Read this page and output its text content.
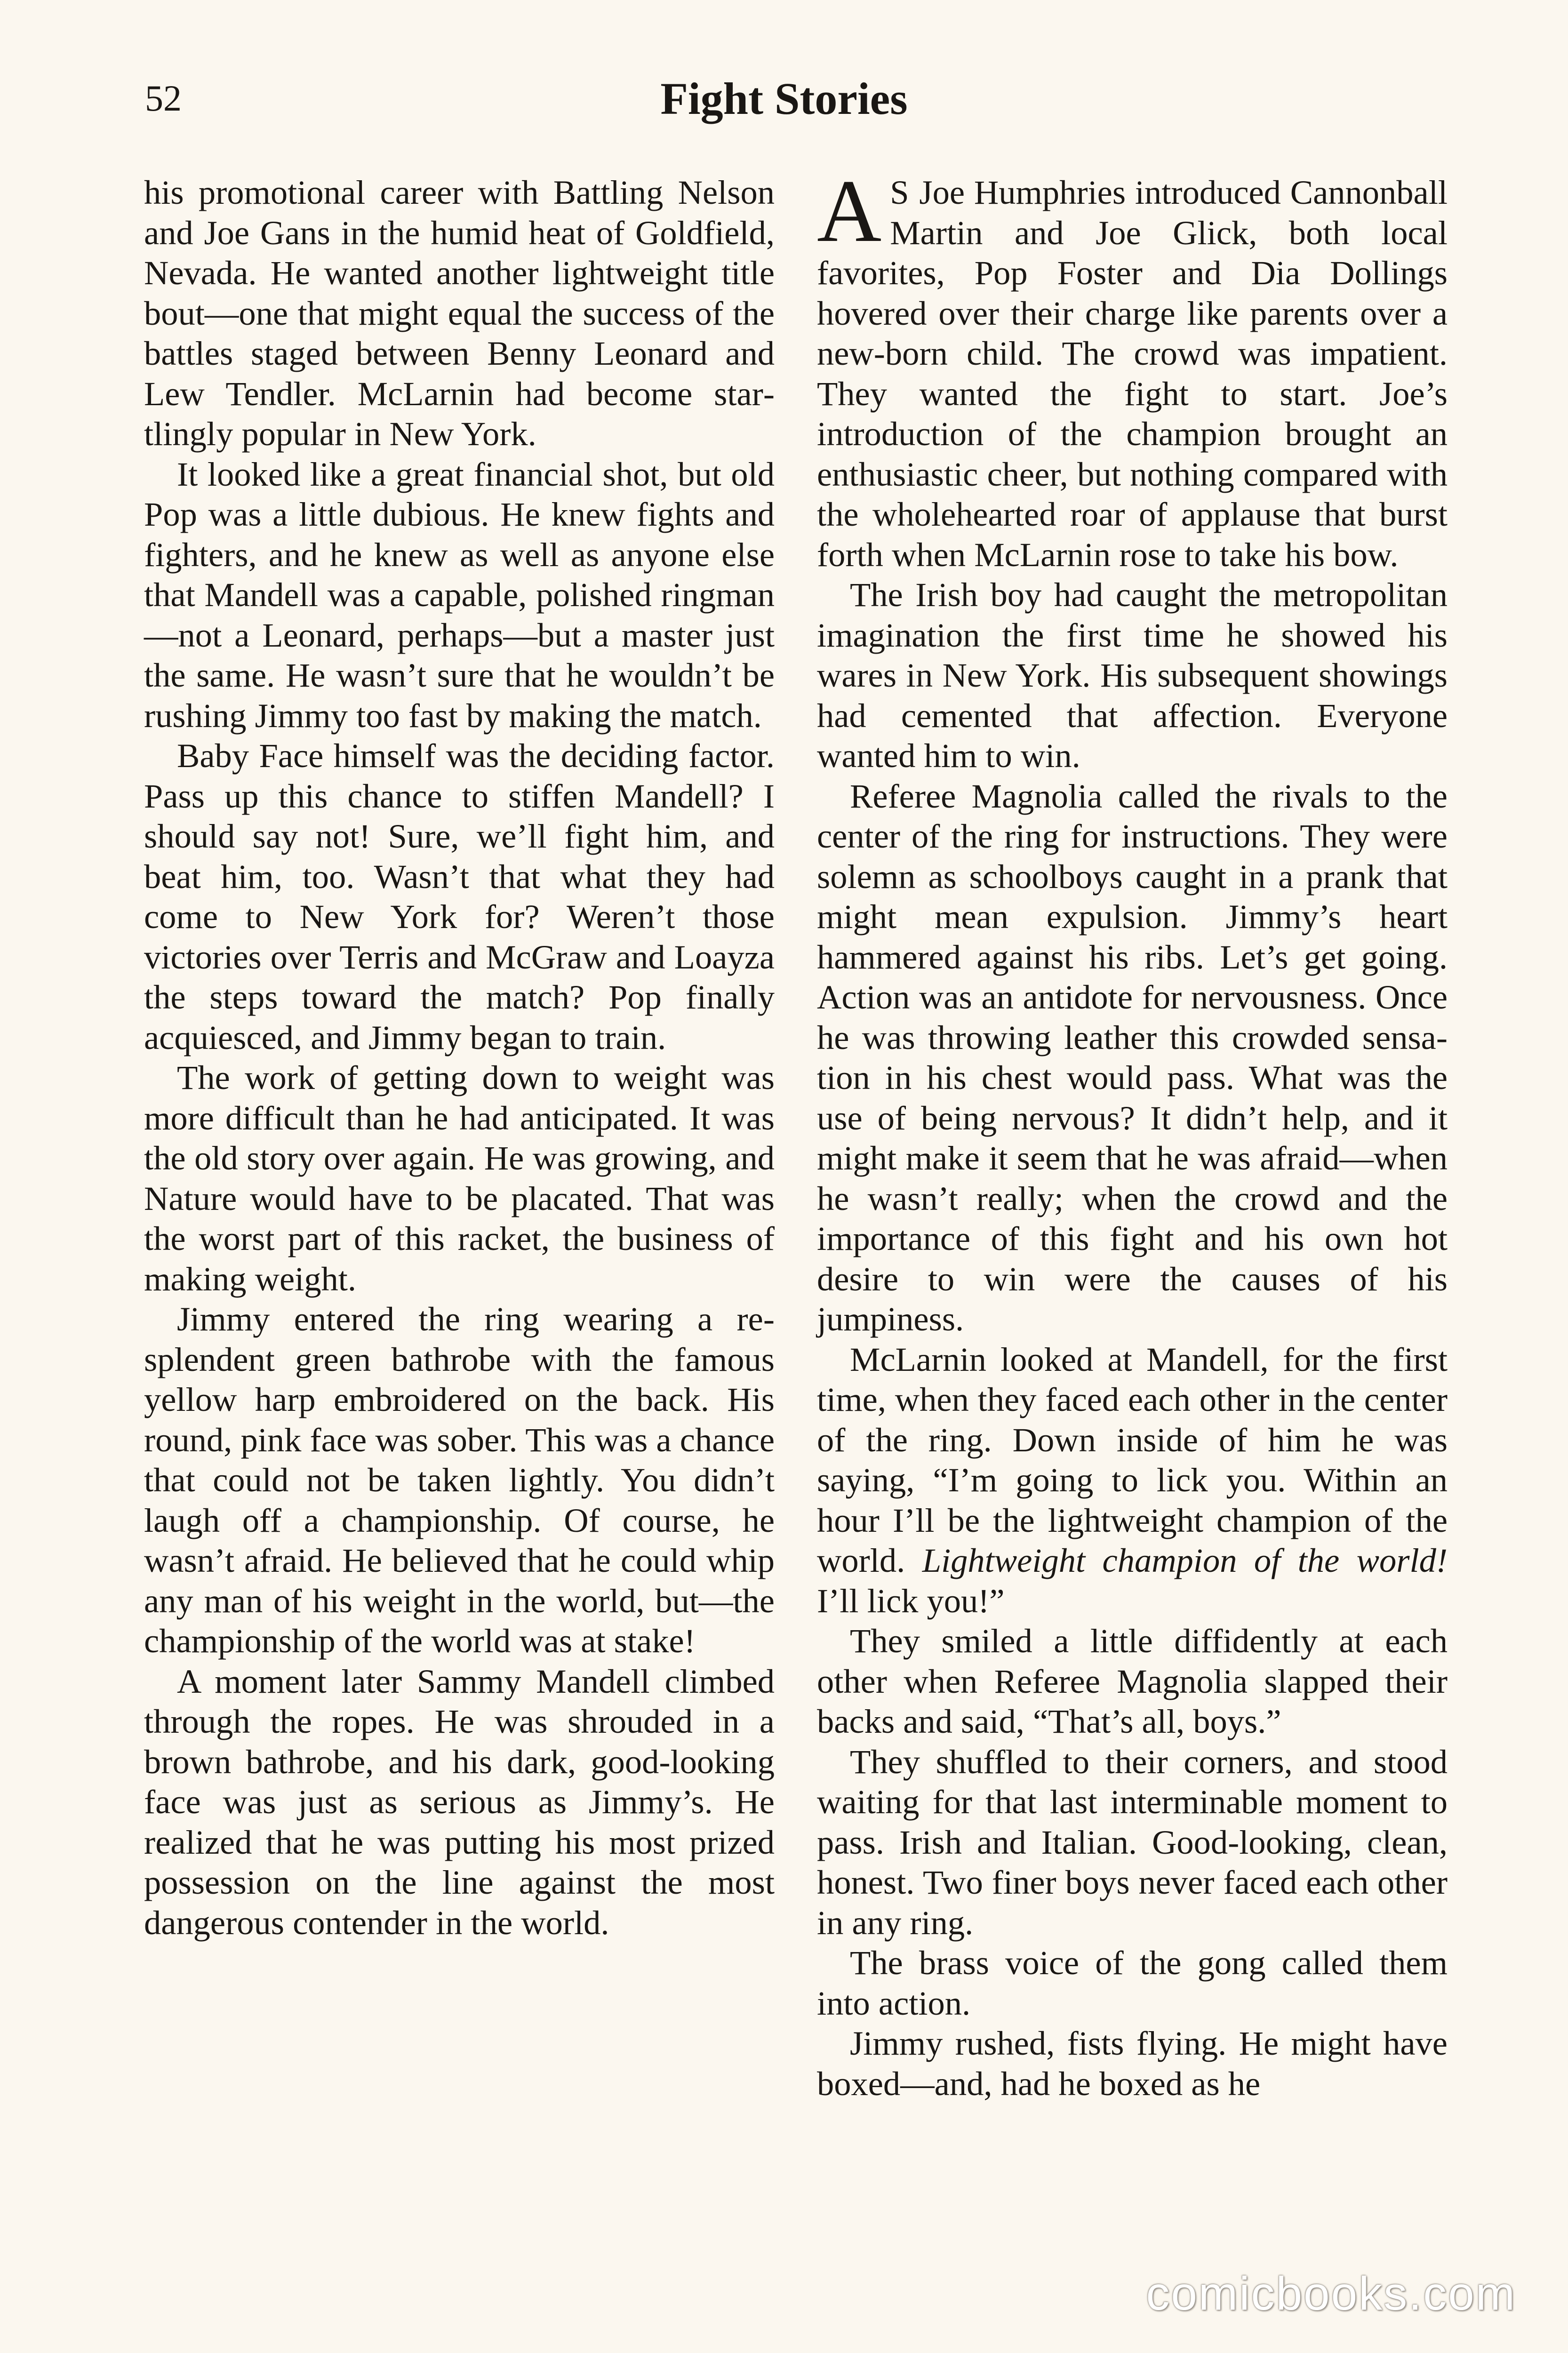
52	Fight Stories

his promotional career with Battling Nelson and Joe Gans in the humid heat of Goldfield, Nevada. He wanted another lightweight title bout—one that might equal the success of the battles staged between Benny Leonard and Lew Tendler. McLarnin had become startlingly popular in New York.

It looked like a great financial shot, but old Pop was a little dubious. He knew fights and fighters, and he knew as well as anyone else that Mandell was a capable, polished ringman—not a Leonard, perhaps—but a master just the same. He wasn’t sure that he wouldn’t be rushing Jimmy too fast by making the match.

Baby Face himself was the deciding factor. Pass up this chance to stiffen Mandell? I should say not! Sure, we’ll fight him, and beat him, too. Wasn’t that what they had come to New York for? Weren’t those victories over Terris and McGraw and Loayza the steps toward the match? Pop finally acquiesced, and Jimmy began to train.

The work of getting down to weight was more difficult than he had anticipated. It was the old story over again. He was growing, and Nature would have to be placated. That was the worst part of this racket, the business of making weight.

Jimmy entered the ring wearing a resplendent green bathrobe with the famous yellow harp embroidered on the back. His round, pink face was sober. This was a chance that could not be taken lightly. You didn’t laugh off a championship. Of course, he wasn’t afraid. He believed that he could whip any man of his weight in the world, but—the championship of the world was at stake!

A moment later Sammy Mandell climbed through the ropes. He was shrouded in a brown bathrobe, and his dark, good-looking face was just as serious as Jimmy’s. He realized that he was putting his most prized possession on the line against the most dangerous contender in the world.

A S Joe Humphries introduced Cannonball Martin and Joe Glick, both local favorites, Pop Foster and Dia Dollings hovered over their charge like parents over a new-born child. The crowd was impatient. They wanted the fight to start. Joe’s introduction of the champion brought an enthusiastic cheer, but nothing compared with the wholehearted roar of applause that burst forth when McLarnin rose to take his bow.

The Irish boy had caught the metropolitan imagination the first time he showed his wares in New York. His subsequent showings had cemented that affection. Everyone wanted him to win.

Referee Magnolia called the rivals to the center of the ring for instructions. They were solemn as schoolboys caught in a prank that might mean expulsion. Jimmy’s heart hammered against his ribs. Let’s get going. Action was an antidote for nervousness. Once he was throwing leather this crowded sensation in his chest would pass. What was the use of being nervous? It didn’t help, and it might make it seem that he was afraid—when he wasn’t really; when the crowd and the importance of this fight and his own hot desire to win were the causes of his jumpiness.

McLarnin looked at Mandell, for the first time, when they faced each other in the center of the ring. Down inside of him he was saying, “I’m going to lick you. Within an hour I’ll be the lightweight champion of the world. Lightweight champion of the world! I’ll lick you!”

They smiled a little diffidently at each other when Referee Magnolia slapped their backs and said, “That’s all, boys.”

They shuffled to their corners, and stood waiting for that last interminable moment to pass. Irish and Italian. Good-looking, clean, honest. Two finer boys never faced each other in any ring.

The brass voice of the gong called them into action.

Jimmy rushed, fists flying. He might have boxed—and, had he boxed as he

comicbooks.com
